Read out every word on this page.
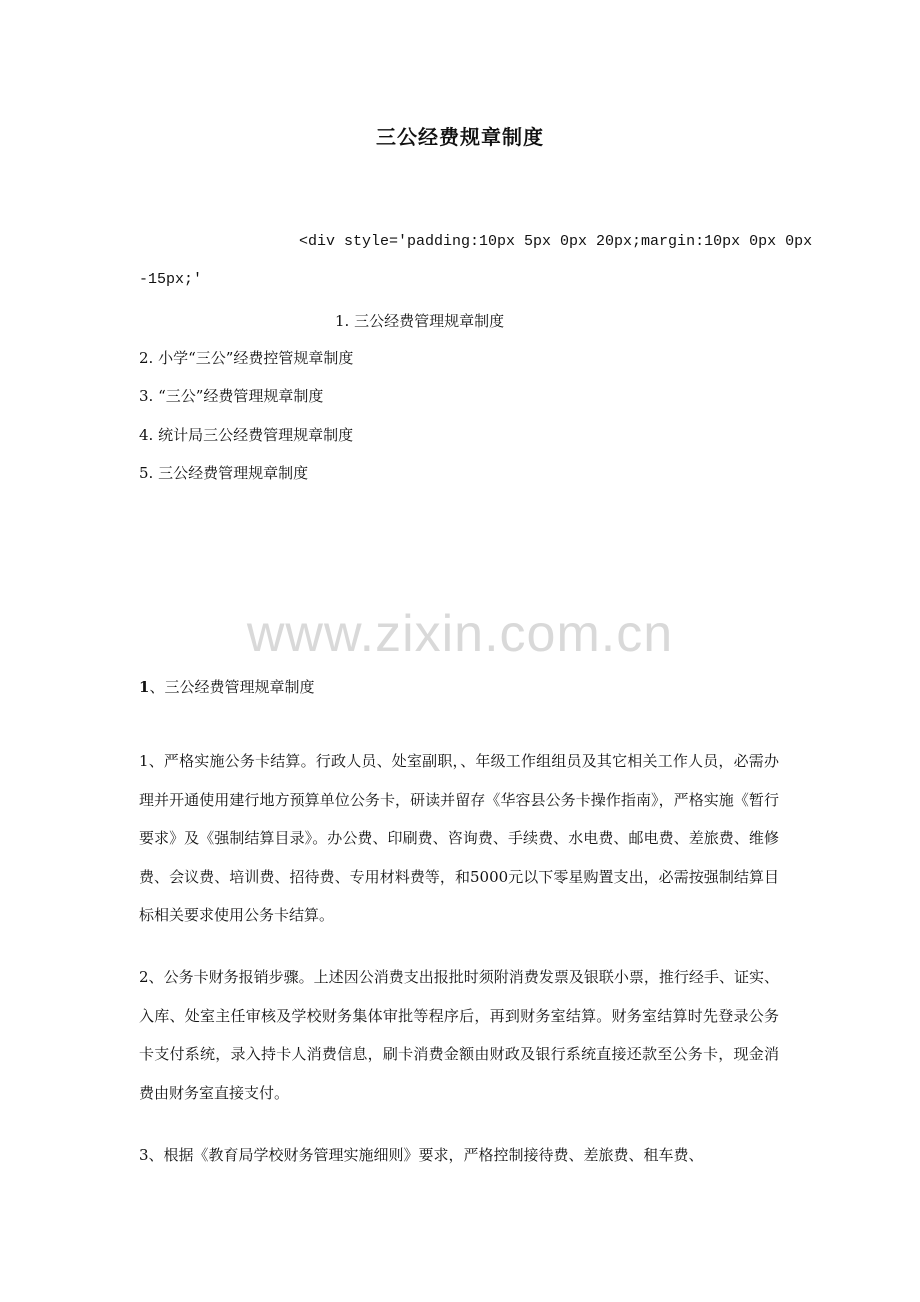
三公经费规章制度
<div style='padding:10px 5px 0px 20px;margin:10px 0px 0px
-15px;'
1. 三公经费管理规章制度
2. 小学“三公”经费控管规章制度
3. “三公”经费管理规章制度
4. 统计局三公经费管理规章制度
5. 三公经费管理规章制度
www.zixin.com.cn
1、三公经费管理规章制度
1、严格实施公务卡结算。行政人员、处室副职，、年级工作组组员及其它相关工作人员，必需办理并开通使用建行地方预算单位公务卡，研读并留存《华容县公务卡操作指南》，严格实施《暂行要求》及《强制结算目录》。办公费、印刷费、咨询费、手续费、水电费、邮电费、差旅费、维修费、会议费、培训费、招待费、专用材料费等，和5000元以下零星购置支出，必需按强制结算目标相关要求使用公务卡结算。
2、公务卡财务报销步骤。上述因公消费支出报批时须附消费发票及银联小票，推行经手、证实、入库、处室主任审核及学校财务集体审批等程序后，再到财务室结算。财务室结算时先登录公务卡支付系统，录入持卡人消费信息，刷卡消费金额由财政及银行系统直接还款至公务卡，现金消费由财务室直接支付。
3、根据《教育局学校财务管理实施细则》要求，严格控制接待费、差旅费、租车费、
